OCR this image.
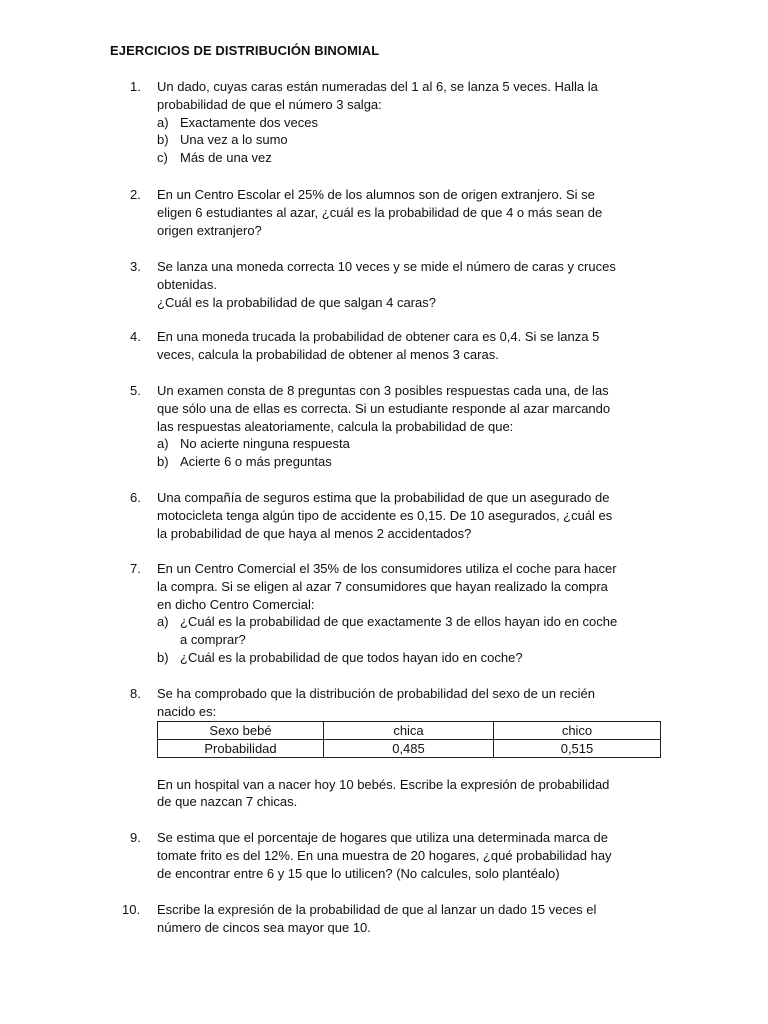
EJERCICIOS DE DISTRIBUCIÓN BINOMIAL
1.	Un dado, cuyas caras están numeradas del 1 al 6, se lanza 5 veces. Halla la
probabilidad de que el número 3 salga:
a) Exactamente dos veces
b) Una vez a lo sumo
c) Más de una vez
2.	En un Centro Escolar el 25% de los alumnos son de origen extranjero. Si se
eligen 6 estudiantes al azar, ¿cuál es la probabilidad de que 4 o más sean de
origen extranjero?
3.	Se lanza una moneda correcta 10 veces y se mide el número de caras y cruces
obtenidas.
¿Cuál es la probabilidad de que salgan 4 caras?
4.	En una moneda trucada la probabilidad de obtener cara es 0,4. Si se lanza 5
veces, calcula la probabilidad de obtener al menos 3 caras.
5.	Un examen consta de 8 preguntas con 3 posibles respuestas cada una, de las
que sólo una de ellas es correcta. Si un estudiante responde al azar marcando
las respuestas aleatoriamente, calcula la probabilidad de que:
a) No acierte ninguna respuesta
b) Acierte 6 o más preguntas
6.	Una compañía de seguros estima que la probabilidad de que un asegurado de
motocicleta tenga algún tipo de accidente es 0,15. De 10 asegurados, ¿cuál es
la probabilidad de que haya al menos 2 accidentados?
7.	En un Centro Comercial el 35% de los consumidores utiliza el coche para hacer
la compra. Si se eligen al azar 7 consumidores que hayan realizado la compra
en dicho Centro Comercial:
a) ¿Cuál es la probabilidad de que exactamente 3 de ellos hayan ido en coche
a comprar?
b) ¿Cuál es la probabilidad de que todos hayan ido en coche?
8.	Se ha comprobado que la distribución de probabilidad del sexo de un recién
nacido es:
Sexo bebé	chica	chico
Probabilidad	0,485	0,515
En un hospital van a nacer hoy 10 bebés. Escribe la expresión de probabilidad
de que nazcan 7 chicas.
9.	Se estima que el porcentaje de hogares que utiliza una determinada marca de
tomate frito es del 12%. En una muestra de 20 hogares, ¿qué probabilidad hay
de encontrar entre 6 y 15 que lo utilicen? (No calcules, solo plantéalo)
10.	Escribe la expresión de la probabilidad de que al lanzar un dado 15 veces el
número de cincos sea mayor que 10.
